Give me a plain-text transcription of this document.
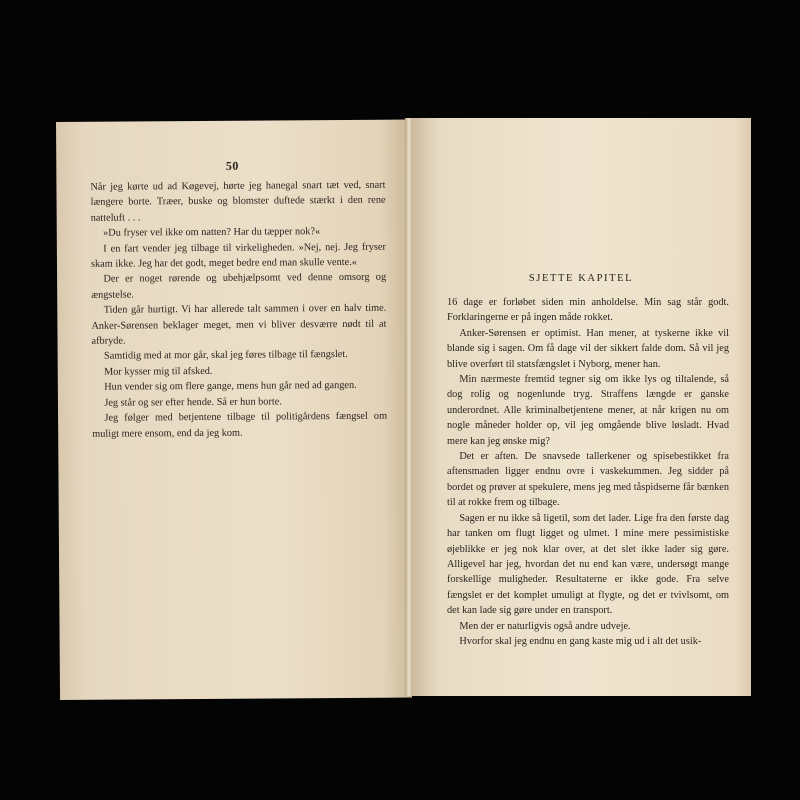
50

Når jeg kørte ud ad Køgevej, hørte jeg hanegal snart tæt ved, snart længere borte. Træer, buske og blomster duftede stærkt i den rene natteluft . . .

»Du fryser vel ikke om natten? Har du tæpper nok?«

I en fart vender jeg tilbage til virkeligheden. »Nej, nej. Jeg fryser skam ikke. Jeg har det godt, meget bedre end man skulle vente.«

Der er noget rørende og ubehjælpsomt ved denne omsorg og ængstelse.

Tiden går hurtigt. Vi har allerede talt sammen i over en halv time. Anker-Sørensen beklager meget, men vi bliver desværre nødt til at afbryde.

Samtidig med at mor går, skal jeg føres tilbage til fængslet.

Mor kysser mig til afsked.

Hun vender sig om flere gange, mens hun går ned ad gangen.

Jeg står og ser efter hende. Så er hun borte.

Jeg følger med betjentene tilbage til politigårdens fængsel om muligt mere ensom, end da jeg kom.

SJETTE KAPITEL

16 dage er forløbet siden min anholdelse. Min sag står godt. Forklaringerne er på ingen måde rokket.

Anker-Sørensen er optimist. Han mener, at tyskerne ikke vil blande sig i sagen. Om få dage vil der sikkert falde dom. Så vil jeg blive overført til statsfængslet i Nyborg, mener han.

Min nærmeste fremtid tegner sig om ikke lys og tiltalende, så dog rolig og nogenlunde tryg. Straffens længde er ganske underordnet. Alle kriminalbetjentene mener, at når krigen nu om nogle måneder holder op, vil jeg omgående blive løsladt. Hvad mere kan jeg ønske mig?

Det er aften. De snavsede tallerkener og spisebestikket fra aftensmaden ligger endnu ovre i vaskekummen. Jeg sidder på bordet og prøver at spekulere, mens jeg med tåspidserne får bænken til at rokke frem og tilbage.

Sagen er nu ikke så ligetil, som det lader. Lige fra den første dag har tanken om flugt ligget og ulmet. I mine mere pessimistiske øjeblikke er jeg nok klar over, at det slet ikke lader sig gøre. Alligevel har jeg, hvordan det nu end kan være, undersøgt mange forskellige muligheder. Resultaterne er ikke gode. Fra selve fængslet er det komplet umuligt at flygte, og det er tvivlsomt, om det kan lade sig gøre under en transport.

Men der er naturligvis også andre udveje.

Hvorfor skal jeg endnu en gang kaste mig ud i alt det usik-
